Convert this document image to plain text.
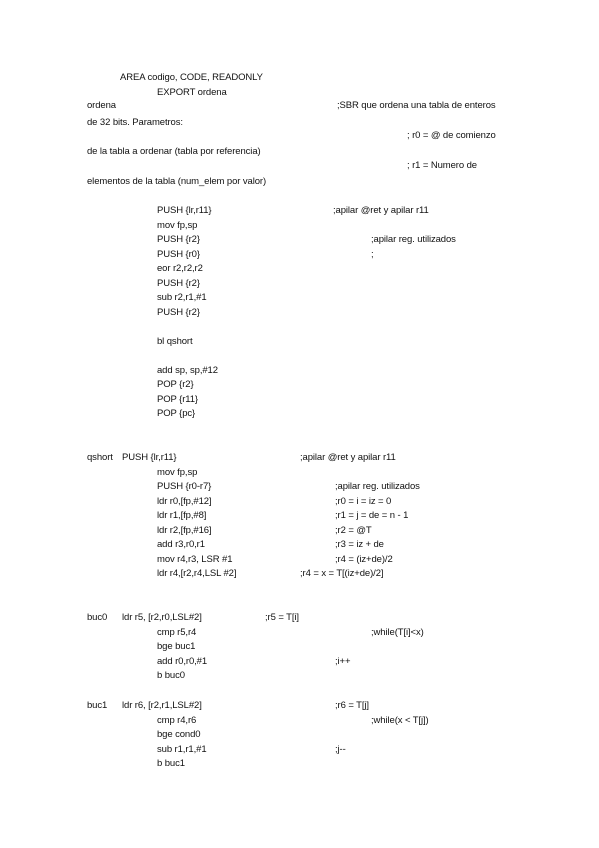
AREA codigo, CODE, READONLY
EXPORT ordena
ordena	;SBR que ordena una tabla de enteros
de 32 bits. Parametros:
; r0 = @ de comienzo
de la tabla a ordenar (tabla por referencia)
; r1 = Numero de
elementos de la tabla (num_elem por valor)
PUSH {lr,r11}	;apilar @ret y apilar r11
mov fp,sp
PUSH {r2}	;apilar reg. utilizados
PUSH {r0}	;
eor r2,r2,r2
PUSH {r2}
sub r2,r1,#1
PUSH {r2}
bl qshort
add sp, sp,#12
POP {r2}
POP {r11}
POP {pc}
qshort PUSH {lr,r11}	;apilar @ret y apilar r11
mov fp,sp
PUSH {r0-r7}	;apilar reg. utilizados
ldr r0,[fp,#12]	;r0 = i = iz = 0
ldr r1,[fp,#8]	;r1 = j = de = n - 1
ldr r2,[fp,#16]	;r2 = @T
add r3,r0,r1	;r3 = iz + de
mov r4,r3, LSR #1	;r4 = (iz+de)/2
ldr r4,[r2,r4,LSL #2]	;r4 = x = T[(iz+de)/2]
buc0 ldr r5, [r2,r0,LSL#2]	;r5 = T[i]
cmp r5,r4	;while(T[i]<x)
bge buc1
add r0,r0,#1	;i++
b buc0
buc1 ldr r6, [r2,r1,LSL#2]	;r6 = T[j]
cmp r4,r6	;while(x < T[j])
bge cond0
sub r1,r1,#1	;j--
b buc1
